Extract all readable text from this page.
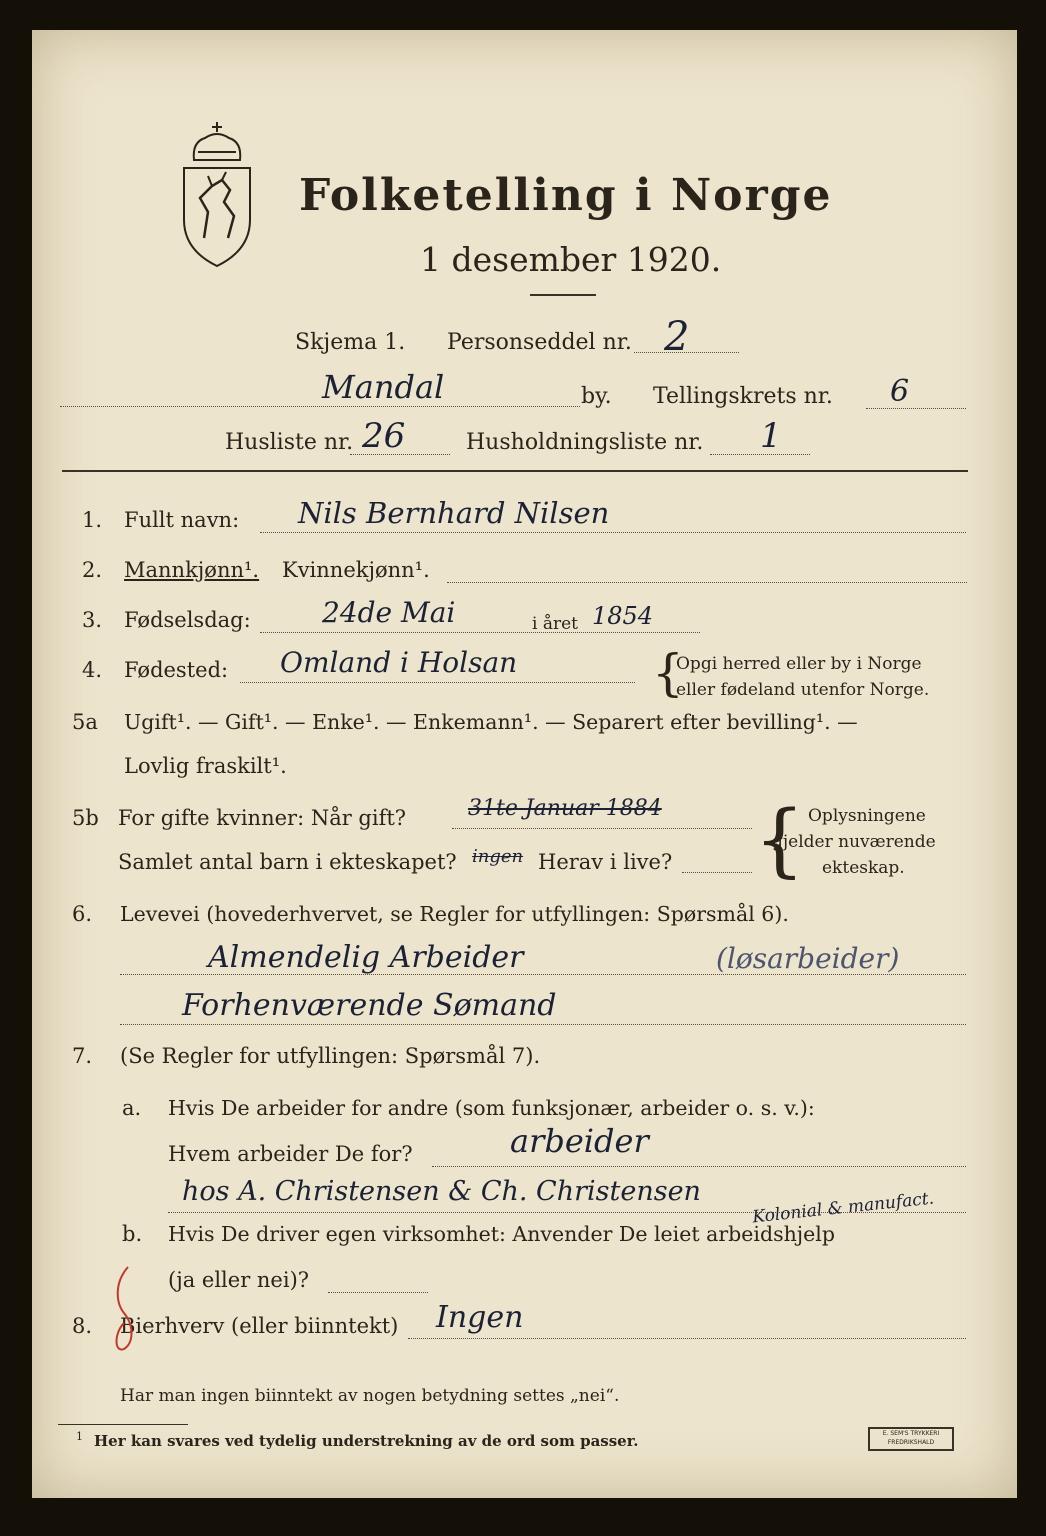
Folketelling i Norge
1 desember 1920.
Skjema 1. Personseddel nr. 2
Mandal	by. Tellingskrets nr. 6
Husliste nr. 26	Husholdningsliste nr. 1
1. Fullt navn: Nils Bernhard Nilsen
2. Mannkjønn¹. Kvinnekjønn¹.
3. Fødselsdag:	24de Mai	i året 1854
4. Fødested: Omland i Holsan	{
Opgi herred eller by i Norge
eller fødeland utenfor Norge.
5a Ugift¹. — Gift¹. — Enke¹. — Enkemann¹. — Separert efter bevilling¹. —
Lovlig fraskilt¹.
5b For gifte kvinner: Når gift?	31te Januar 1884
Samlet antal barn i ekteskapet? ingen Herav i live? { Oplysningene
gjelder nuværende
ekteskap.
6. Levevei (hovederhvervet, se Regler for utfyllingen: Spørsmål 6).
Almendelig Arbeider	(løsarbeider)
Forhenværende Sømand
7. (Se Regler for utfyllingen: Spørsmål 7).
a. Hvis De arbeider for andre (som funksjonær, arbeider o. s. v.):
Hvem arbeider De for?	arbeider
hos A. Christensen & Ch. Christensen
b. Hvis De driver egen virksomhet: Anvender De leiet arbeidshjelp
Kolonial & manufact.
(ja eller nei)?
8. Bierhverv (eller biinntekt) Ingen
Har man ingen biinntekt av nogen betydning settes „nei“.
1 Her kan svares ved tydelig understrekning av de ord som passer.	E. SEM'S TRYKKERI FREDRIKSHALD
